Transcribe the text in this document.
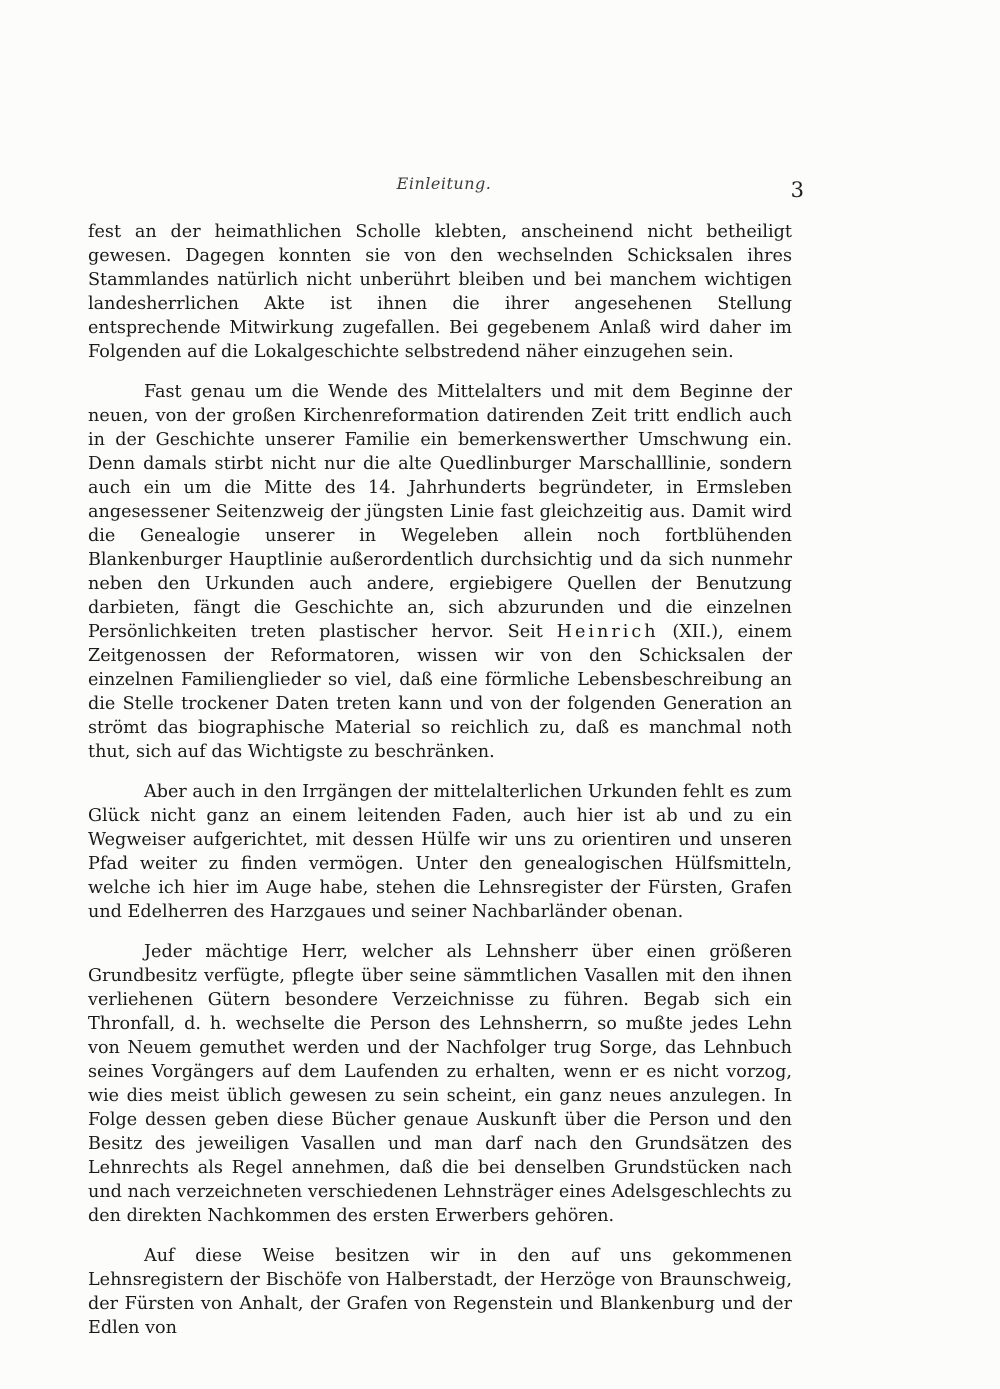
Einleitung.	3

fest an der heimathlichen Scholle klebten, anscheinend nicht betheiligt gewesen. Dagegen konnten sie von den wechselnden Schicksalen ihres Stammlandes natürlich nicht unberührt bleiben und bei manchem wichtigen landesherrlichen Akte ist ihnen die ihrer angesehenen Stellung entsprechende Mitwirkung zugefallen. Bei gegebenem Anlaß wird daher im Folgenden auf die Lokalgeschichte selbstredend näher einzugehen sein.

Fast genau um die Wende des Mittelalters und mit dem Beginne der neuen, von der großen Kirchenreformation datirenden Zeit tritt endlich auch in der Geschichte unserer Familie ein bemerkenswerther Umschwung ein. Denn damals stirbt nicht nur die alte Quedlinburger Marschalllinie, sondern auch ein um die Mitte des 14. Jahrhunderts begründeter, in Ermsleben angesessener Seitenzweig der jüngsten Linie fast gleichzeitig aus. Damit wird die Genealogie unserer in Wegeleben allein noch fortblühenden Blankenburger Hauptlinie außerordentlich durchsichtig und da sich nunmehr neben den Urkunden auch andere, ergiebigere Quellen der Benutzung darbieten, fängt die Geschichte an, sich abzurunden und die einzelnen Persönlichkeiten treten plastischer hervor. Seit Heinrich (XII.), einem Zeitgenossen der Reformatoren, wissen wir von den Schicksalen der einzelnen Familienglieder so viel, daß eine förmliche Lebensbeschreibung an die Stelle trockener Daten treten kann und von der folgenden Generation an strömt das biographische Material so reichlich zu, daß es manchmal noth thut, sich auf das Wichtigste zu beschränken.

Aber auch in den Irrgängen der mittelalterlichen Urkunden fehlt es zum Glück nicht ganz an einem leitenden Faden, auch hier ist ab und zu ein Wegweiser aufgerichtet, mit dessen Hülfe wir uns zu orientiren und unseren Pfad weiter zu finden vermögen. Unter den genealogischen Hülfsmitteln, welche ich hier im Auge habe, stehen die Lehnsregister der Fürsten, Grafen und Edelherren des Harzgaues und seiner Nachbarländer obenan.

Jeder mächtige Herr, welcher als Lehnsherr über einen größeren Grundbesitz verfügte, pflegte über seine sämmtlichen Vasallen mit den ihnen verliehenen Gütern besondere Verzeichnisse zu führen. Begab sich ein Thronfall, d. h. wechselte die Person des Lehnsherrn, so mußte jedes Lehn von Neuem gemuthet werden und der Nachfolger trug Sorge, das Lehnbuch seines Vorgängers auf dem Laufenden zu erhalten, wenn er es nicht vorzog, wie dies meist üblich gewesen zu sein scheint, ein ganz neues anzulegen. In Folge dessen geben diese Bücher genaue Auskunft über die Person und den Besitz des jeweiligen Vasallen und man darf nach den Grundsätzen des Lehnrechts als Regel annehmen, daß die bei denselben Grundstücken nach und nach verzeichneten verschiedenen Lehnsträger eines Adelsgeschlechts zu den direkten Nachkommen des ersten Erwerbers gehören.

Auf diese Weise besitzen wir in den auf uns gekommenen Lehnsregistern der Bischöfe von Halberstadt, der Herzöge von Braunschweig, der Fürsten von Anhalt, der Grafen von Regenstein und Blankenburg und der Edlen von
